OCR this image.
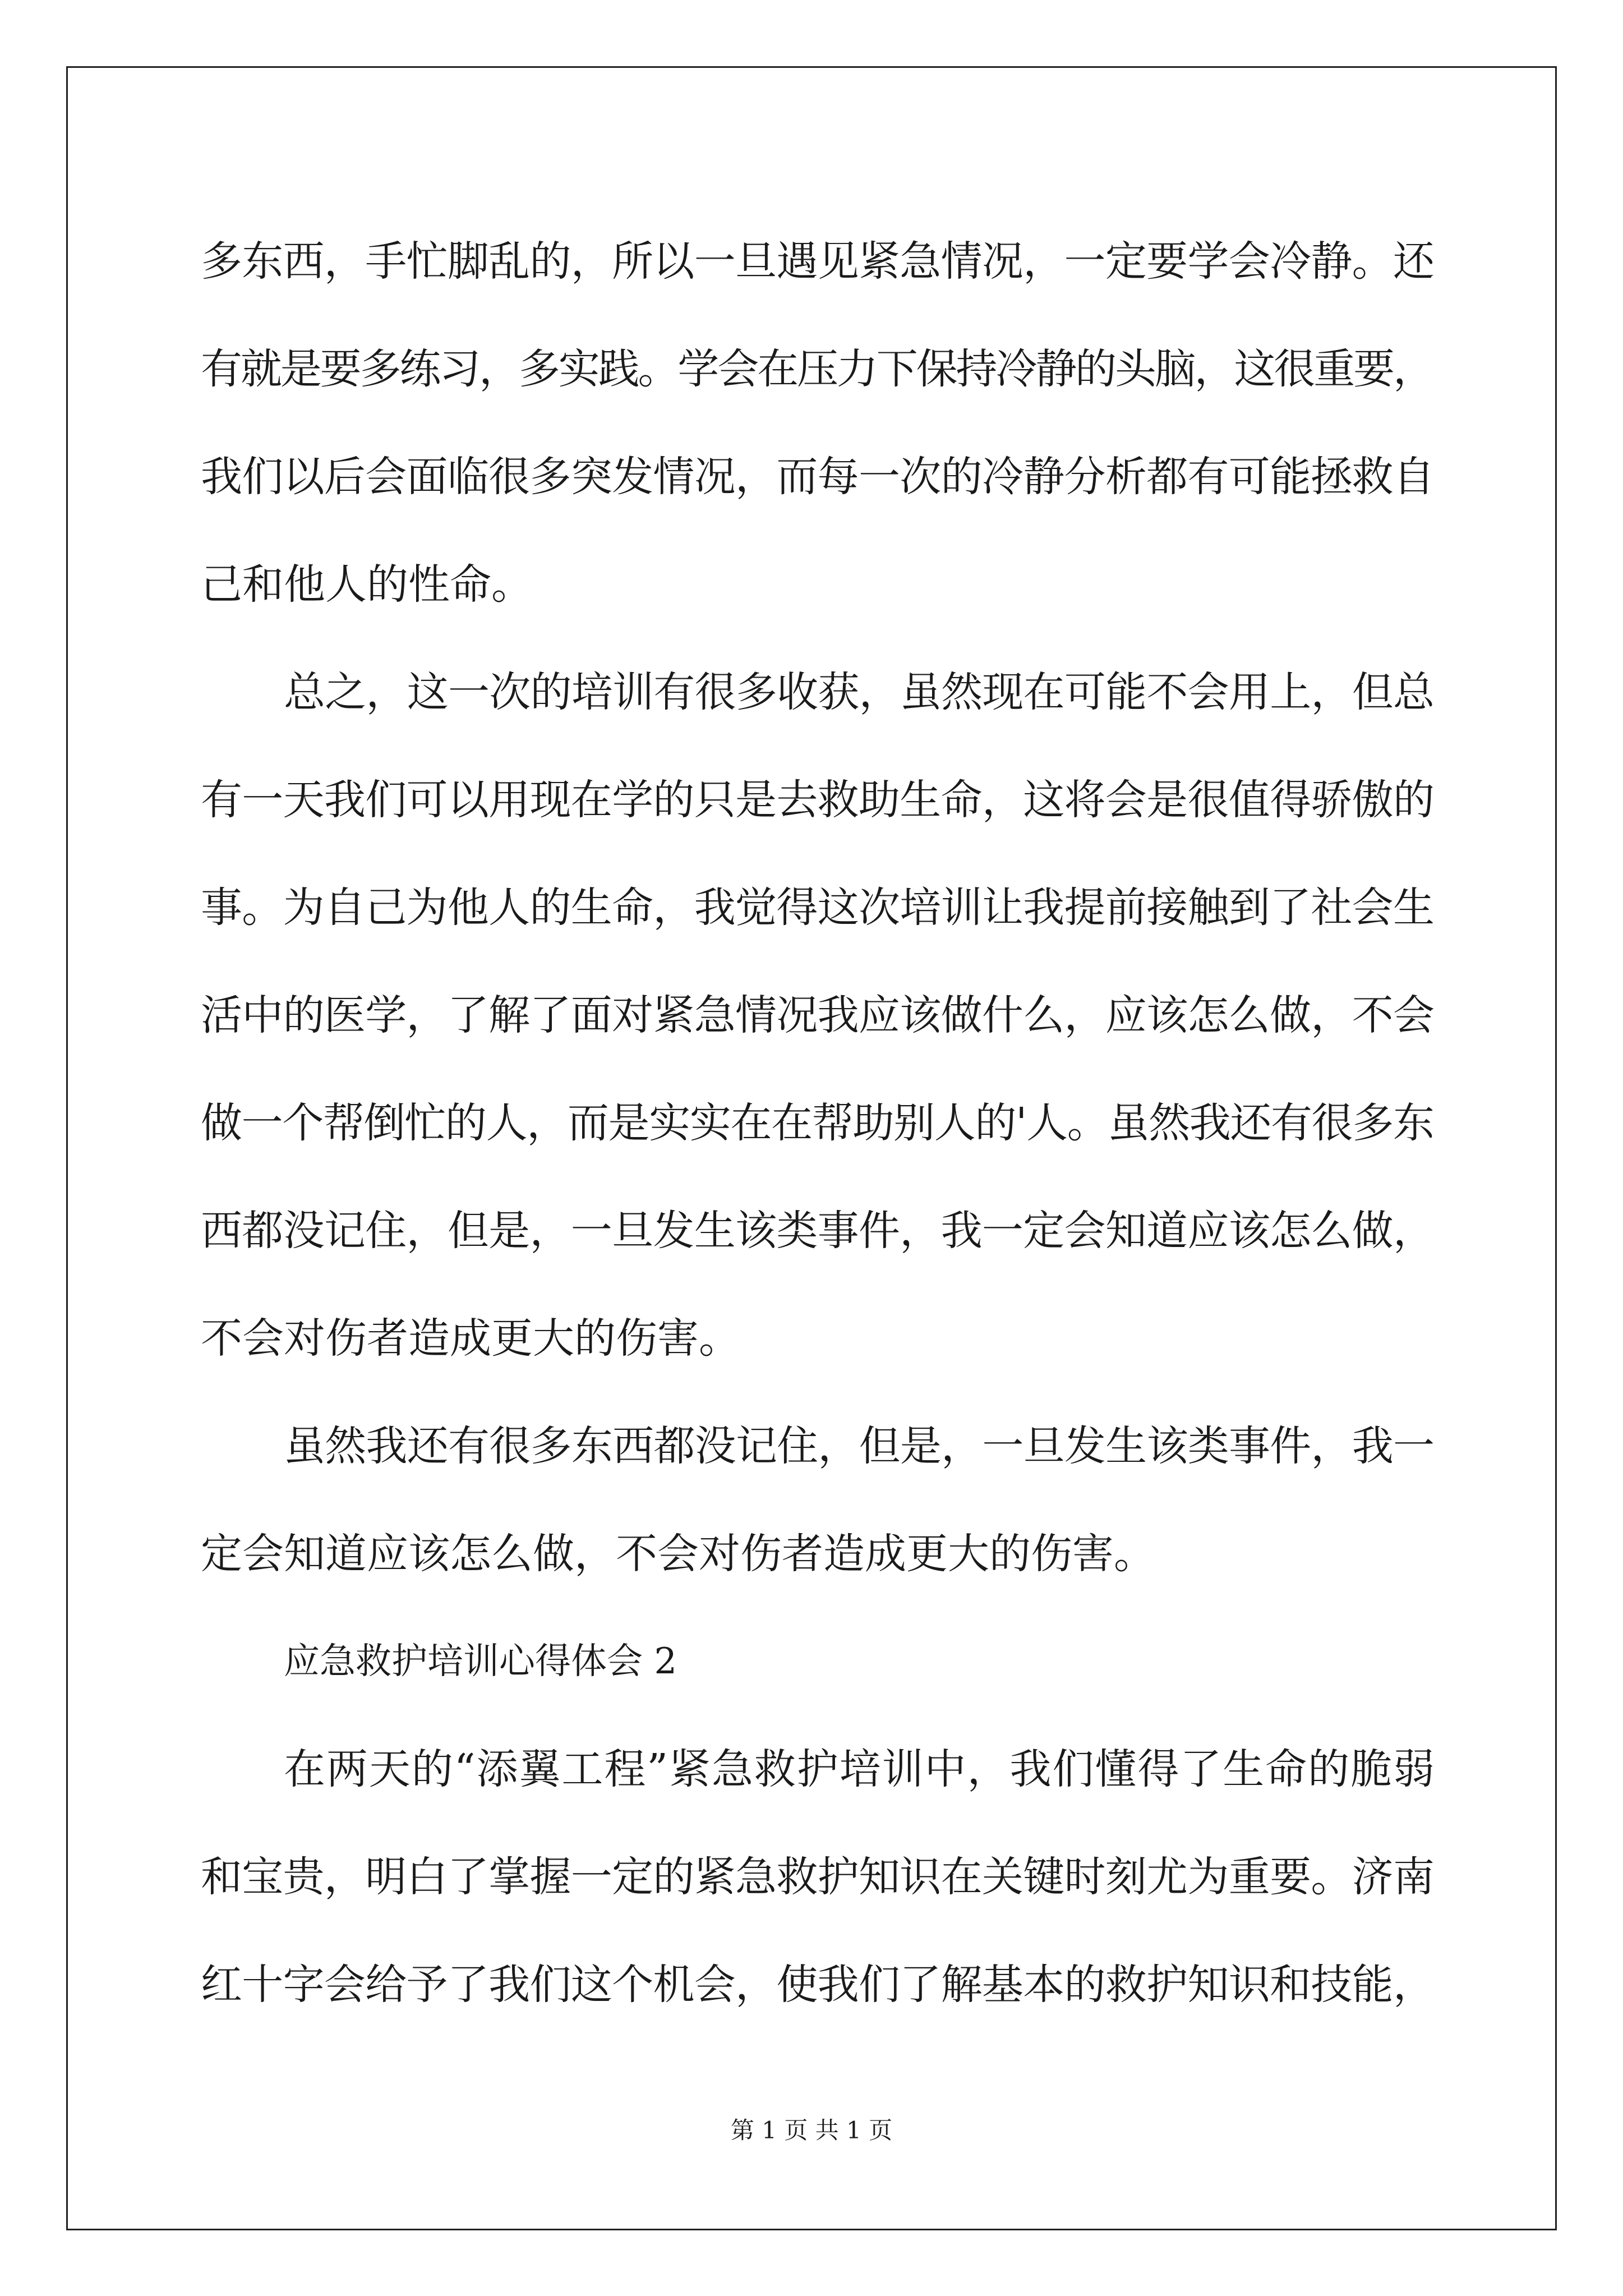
多东西，手忙脚乱的，所以一旦遇见紧急情况，一定要学会冷静。还
有就是要多练习，多实践。学会在压力下保持冷静的头脑，这很重要，
我们以后会面临很多突发情况，而每一次的冷静分析都有可能拯救自
己和他人的性命。
总之，这一次的培训有很多收获，虽然现在可能不会用上，但总
有一天我们可以用现在学的只是去救助生命，这将会是很值得骄傲的
事。为自己为他人的生命，我觉得这次培训让我提前接触到了社会生
活中的医学，了解了面对紧急情况我应该做什么，应该怎么做，不会
做一个帮倒忙的人，而是实实在在帮助别人的'人。虽然我还有很多东
西都没记住，但是，一旦发生该类事件，我一定会知道应该怎么做，
不会对伤者造成更大的伤害。
虽然我还有很多东西都没记住，但是，一旦发生该类事件，我一
定会知道应该怎么做，不会对伤者造成更大的伤害。
应急救护培训心得体会 2
在两天的“添翼工程”紧急救护培训中，我们懂得了生命的脆弱
和宝贵，明白了掌握一定的紧急救护知识在关键时刻尤为重要。济南
红十字会给予了我们这个机会，使我们了解基本的救护知识和技能，
第 1 页 共 1 页
